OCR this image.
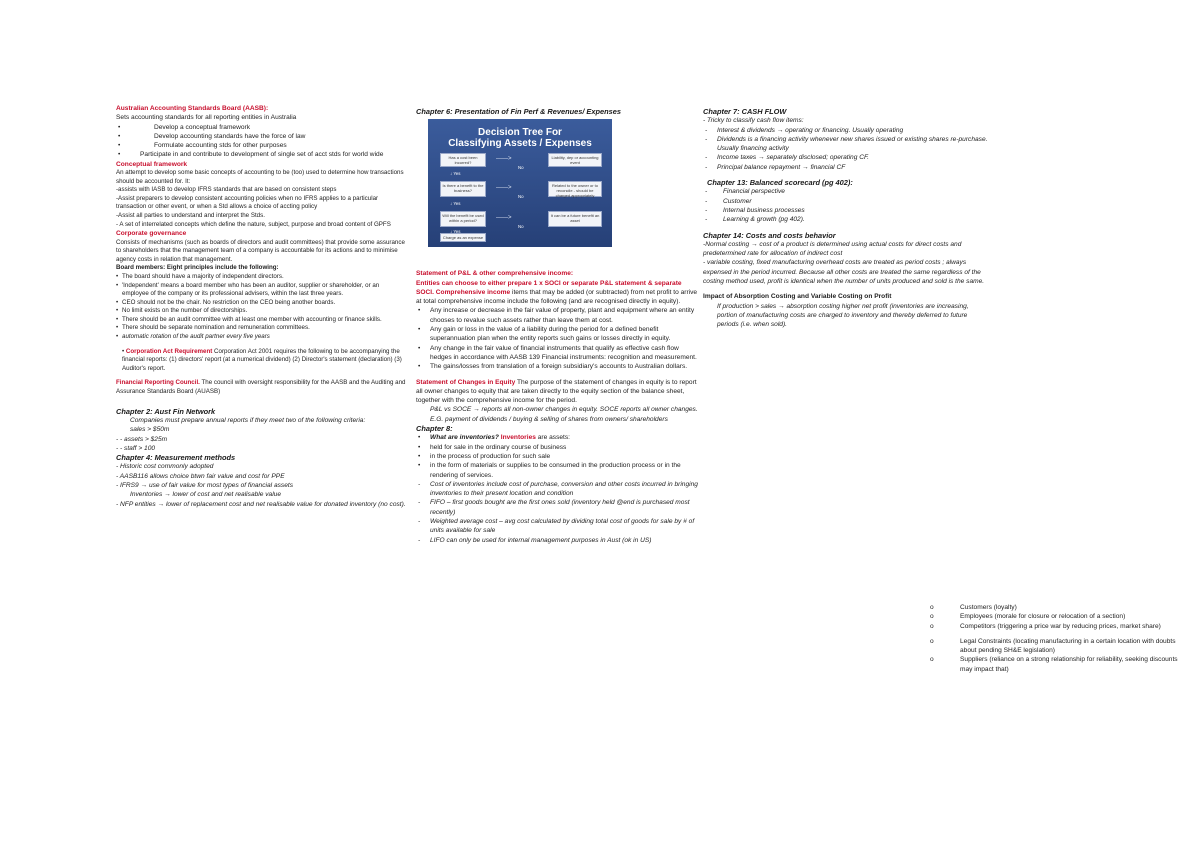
Australian Accounting Standards Board (AASB):

Sets accounting standards for all reporting entities in Australia

•	Develop a conceptual framework
•	Develop accounting standards have the force of law
•	Formulate accounting stds for other purposes
•	Participate in and contribute to development of single set of acct stds for world wide

Conceptual framework

An attempt to develop some basic concepts of accounting to be (too) used to determine how transactions should be accounted for. It:

-assists with IASB to develop IFRS standards that are based on consistent steps

-Assist preparers to develop consistent accounting policies when no IFRS applies to a particular transaction or other event, or when a Std allows a choice of accting policy

-Assist all parties to understand and interpret the Stds.

- A set of interrelated concepts which define the nature, subject, purpose and broad content of GPFS

Corporate governance

Consists of mechanisms (such as boards of directors and audit committees) that provide some assurance to shareholders that the management team of a company is accountable for its actions and to minimise agency costs in relation that management.

Board members: Eight principles include the following:

• The board should have a majority of independent directors.
• 'Independent' means a board member who has been an auditor, supplier or shareholder, or an employee of the company or its professional advisers, within the last three years.
• CEO should not be the chair. No restriction on the CEO being another boards.
• No limit exists on the number of directorships.
• There should be an audit committee with at least one member with accounting or finance skills.
• There should be separate nomination and remuneration committees.
• automatic rotation of the audit partner every five years

• Corporation Act Requirement Corporation Act 2001 requires the following to be accompanying the financial reports: (1) directors' report (at a numerical dividend) (2) Director's statement (declaration) (3) Auditor's report.

Financial Reporting Council. The council with oversight responsibility for the AASB and the Auditing and Assurance Standards Board (AUASB)

Chapter 2: Aust Fin Network

Companies must prepare annual reports if they meet two of the following criteria:

sales > $50m

- - assets > $25m

- - staff > 100

Chapter 4: Measurement methods

- Historic cost commonly adopted

- AASB116 allows choice btwn fair value and cost for PPE

- IFRS9 → use of fair value for most types of financial assets

Inventories → lower of cost and net realisable value

- NFP entities → lower of replacement cost and net realisable value for donated inventory (no cost).

Chapter 6: Presentation of Fin Perf & Revenues/ Expenses

Decision Tree For
Classifying Assets / Expenses
Has a cost been incurred?
Liability, dep or accounting event
Is there a benefit to the business?
Related to the owner or to reconcile - should be charged appropriately
Will the benefit be used within a period?
It can be a future benefit an asset
Charge as an expense
——>
——>
——>
No
No
No
↓ Yes
↓ Yes
↓ Yes

Statement of P&L & other comprehensive income:

Entities can choose to either prepare 1 x SOCI or separate P&L statement & separate SOCI. Comprehensive income items that may be added (or subtracted) from net profit to arrive at total comprehensive income include the following (and are recognised directly in equity).

• Any increase or decrease in the fair value of property, plant and equipment where an entity chooses to revalue such assets rather than leave them at cost.
• Any gain or loss in the value of a liability during the period for a defined benefit superannuation plan when the entity reports such gains or losses directly in equity.
• Any change in the fair value of financial instruments that qualify as effective cash flow hedges in accordance with AASB 139 Financial instruments: recognition and measurement.
• The gains/losses from translation of a foreign subsidiary's accounts to Australian dollars.

Statement of Changes in Equity The purpose of the statement of changes in equity is to report all owner changes to equity that are taken directly to the equity section of the balance sheet, together with the comprehensive income for the period.

P&L vs SOCE → reports all non-owner changes in equity. SOCE reports all owner changes.

E.G. payment of dividends / buying & selling of shares from owners/ shareholders

Chapter 8:

• What are inventories? Inventories are assets:
• held for sale in the ordinary course of business
• in the process of production for such sale
• in the form of materials or supplies to be consumed in the production process or in the rendering of services.
- Cost of inventories include cost of purchase, conversion and other costs incurred in bringing inventories to their present location and condition
- FIFO – first goods bought are the first ones sold (inventory held @end is purchased most recently)
- Weighted average cost – avg cost calculated by dividing total cost of goods for sale by # of units available for sale
- LIFO can only be used for internal management purposes in Aust (ok in US)

Chapter 7: CASH FLOW

- Tricky to classify cash flow items:

- Interest & dividends → operating or financing. Usually operating
- Dividends is a financing activity whenever new shares issued or existing shares re-purchase. Usually financing activity
- Income taxes → separately disclosed; operating CF.
- Principal balance repayment → financial CF

Chapter 13: Balanced scorecard (pg 402):

- Financial perspective
- Customer
- Internal business processes
- Learning & growth (pg 402).

Chapter 14: Costs and costs behavior

-Normal costing → cost of a product is determined using actual costs for direct costs and predetermined rate for allocation of indirect cost

- variable costing, fixed manufacturing overhead costs are treated as period costs ; always expensed in the period incurred. Because all other costs are treated the same regardless of the costing method used, profit is identical when the number of units produced and sold is the same.

Impact of Absorption Costing and Variable Costing on Profit

If production > sales → absorption costing higher net profit (inventories are increasing, portion of manufacturing costs are charged to inventory and thereby deferred to future periods (i.e. when sold).

o	Customers (loyalty)
o	Employees (morale for closure or relocation of a section)
o	Competitors (triggering a price war by reducing prices, market share)
o	Legal Constraints (locating manufacturing in a certain location with doubts about pending SH&E legislation)
o	Suppliers (reliance on a strong relationship for reliability, seeking discounts may impact that)
